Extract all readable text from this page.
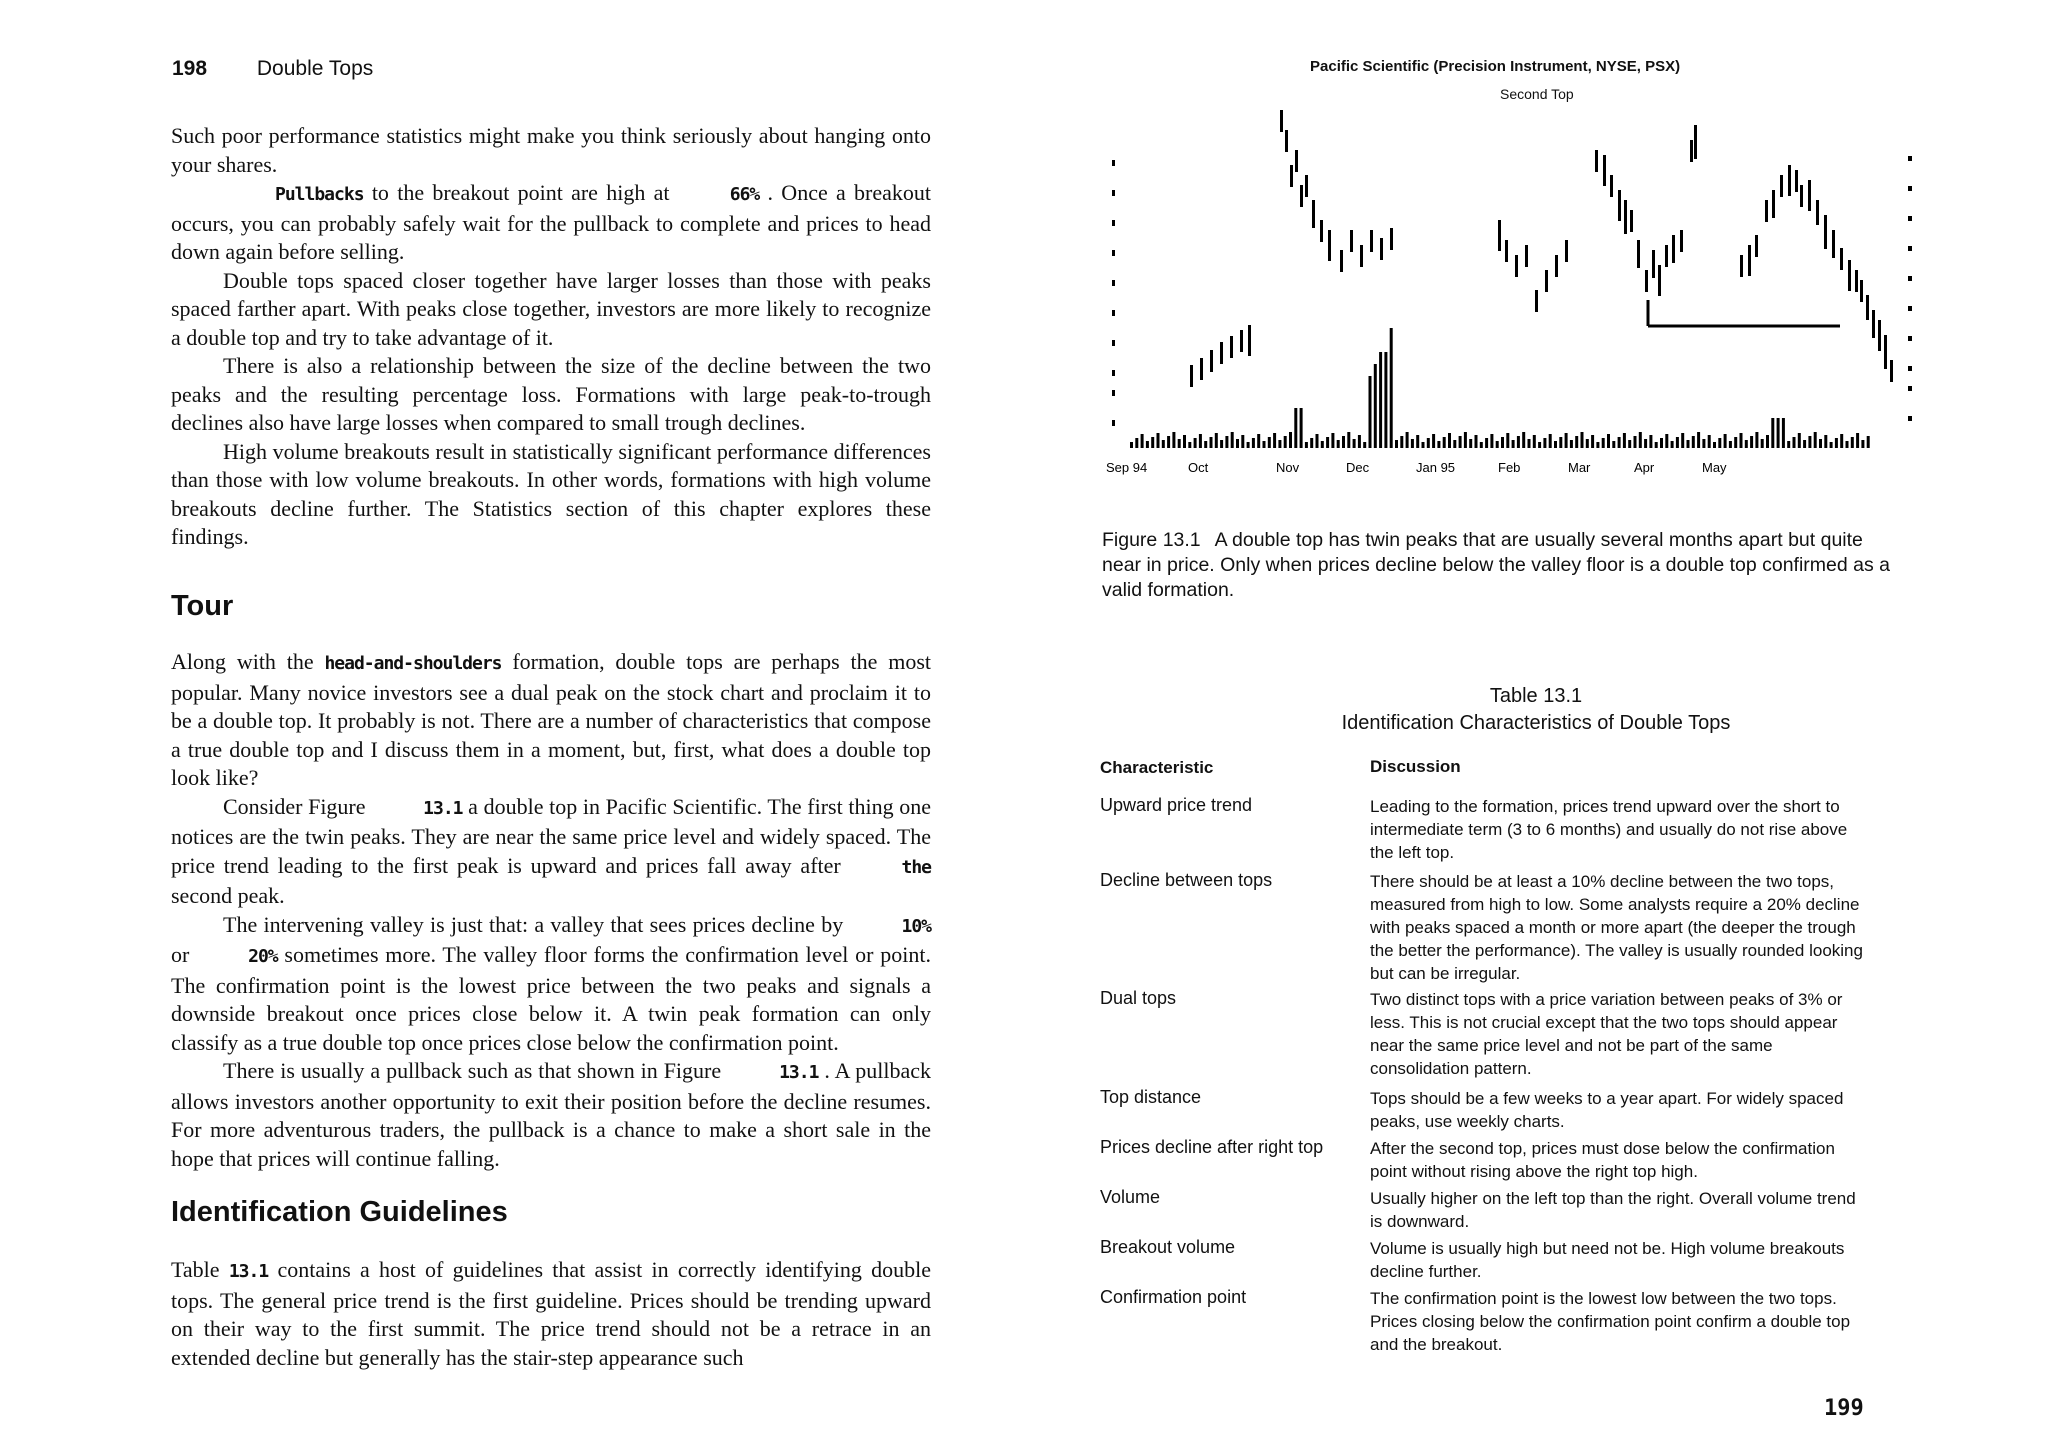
198 Double Tops

Such poor performance statistics might make you think seriously about hanging onto your shares.

Pullbacks to the breakout point are high at	66% . Once a breakout occurs, you can probably safely wait for the pullback to complete and prices to head down again before selling.

Double tops spaced closer together have larger losses than those with peaks spaced farther apart. With peaks close together, investors are more likely to recognize a double top and try to take advantage of it.

There is also a relationship between the size of the decline between the two peaks and the resulting percentage loss. Formations with large peak-to-trough declines also have large losses when compared to small trough declines.

High volume breakouts result in statistically significant performance differences than those with low volume breakouts. In other words, formations with high volume breakouts decline further. The Statistics section of this chapter explores these findings.

Tour

Along with the head-and-shoulders formation, double tops are perhaps the most popular. Many novice investors see a dual peak on the stock chart and proclaim it to be a double top. It probably is not. There are a number of characteristics that compose a true double top and I discuss them in a moment, but, first, what does a double top look like?

Consider Figure	13.1 a double top in Pacific Scientific. The first thing one notices are the twin peaks. They are near the same price level and widely spaced. The price trend leading to the first peak is upward and prices fall away after	the second peak.

The intervening valley is just that: a valley that sees prices decline by	10% or	20% sometimes more. The valley floor forms the confirmation level or point. The confirmation point is the lowest price between the two peaks and signals a downside breakout once prices close below it. A twin peak formation can only classify as a true double top once prices close below the confirmation point.

There is usually a pullback such as that shown in Figure	13.1 . A pullback allows investors another opportunity to exit their position before the decline resumes. For more adventurous traders, the pullback is a chance to make a short sale in the hope that prices will continue falling.

Identification Guidelines

Table 13.1 contains a host of guidelines that assist in correctly identifying double tops. The general price trend is the first guideline. Prices should be trending upward on their way to the first summit. The price trend should not be a retrace in an extended decline but generally has the stair-step appearance such

Pacific Scientific (Precision Instrument, NYSE, PSX)
Second Top
Sep 94	Oct	Nov	Dec	Jan 95	Feb	Mar	Apr	May
Figure 13.1 A double top has twin peaks that are usually several months apart but quite near in price. Only when prices decline below the valley floor is a double top confirmed as a valid formation.
Table 13.1
Identification Characteristics of Double Tops
Characteristic	Discussion
Upward price trend	Leading to the formation, prices trend upward over the short to intermediate term (3 to 6 months) and usually do not rise above the left top.
Decline between tops	There should be at least a 10% decline between the two tops, measured from high to low. Some analysts require a 20% decline with peaks spaced a month or more apart (the deeper the trough the better the performance). The valley is usually rounded looking but can be irregular.
Dual tops	Two distinct tops with a price variation between peaks of 3% or less. This is not crucial except that the two tops should appear near the same price level and not be part of the same consolidation pattern.
Top distance	Tops should be a few weeks to a year apart. For widely spaced peaks, use weekly charts.
Prices decline after right top	After the second top, prices must dose below the confirmation point without rising above the right top high.
Volume	Usually higher on the left top than the right. Overall volume trend is downward.
Breakout volume	Volume is usually high but need not be. High volume breakouts decline further.
Confirmation point	The confirmation point is the lowest low between the two tops. Prices closing below the confirmation point confirm a double top and the breakout.
199
